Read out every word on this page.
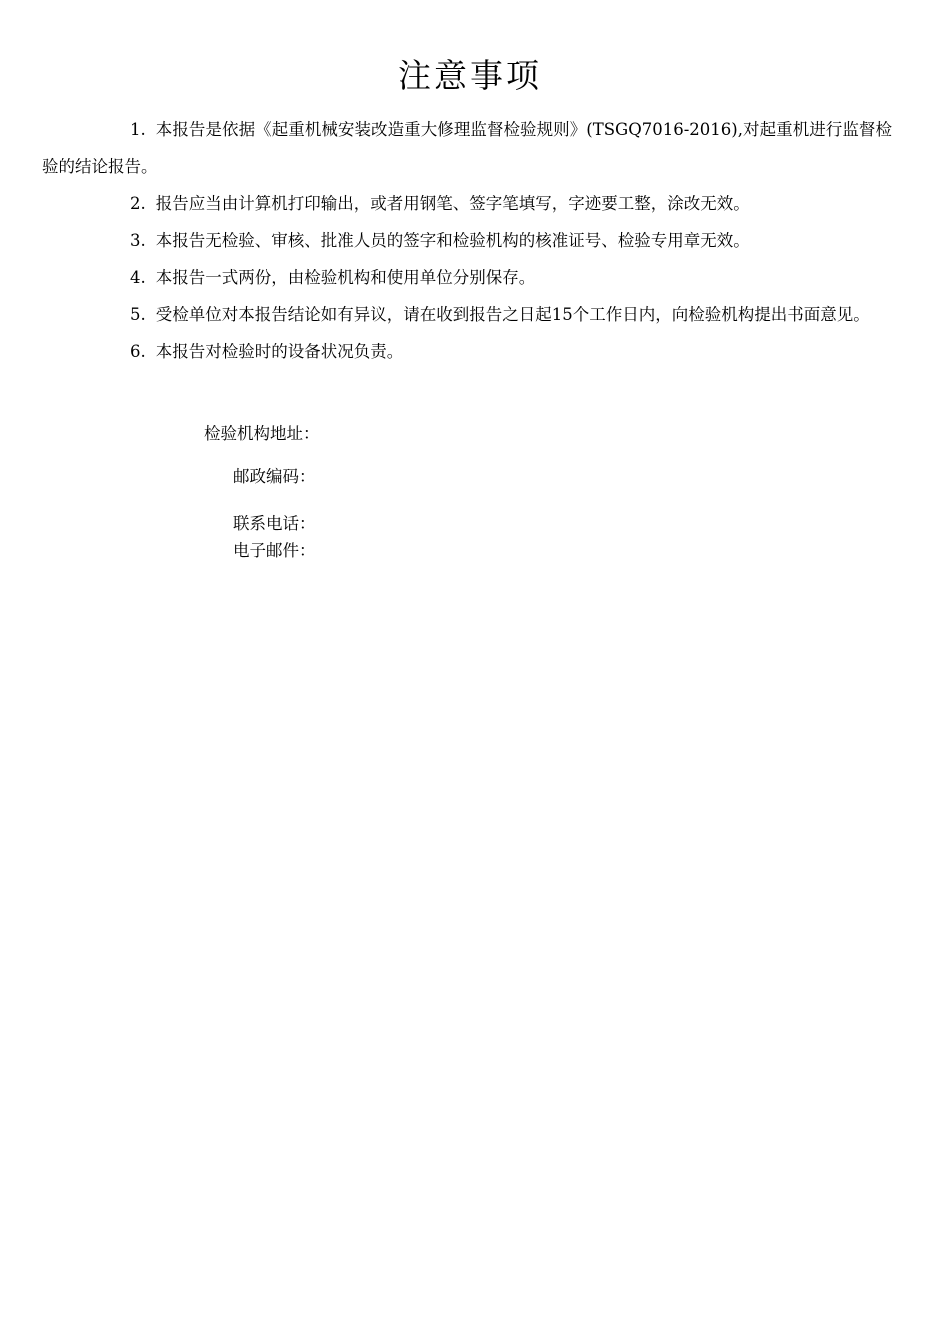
注意事项
1. 本报告是依据《起重机械安装改造重大修理监督检验规则》(TSGQ7016-2016),对起重机进行监督检验的结论报告。
2. 报告应当由计算机打印输出，或者用钢笔、签字笔填写，字迹要工整，涂改无效。
3. 本报告无检验、审核、批准人员的签字和检验机构的核准证号、检验专用章无效。
4. 本报告一式两份，由检验机构和使用单位分别保存。
5. 受检单位对本报告结论如有异议，请在收到报告之日起15个工作日内，向检验机构提出书面意见。
6. 本报告对检验时的设备状况负责。
检验机构地址：
邮政编码：
联系电话：
电子邮件：
